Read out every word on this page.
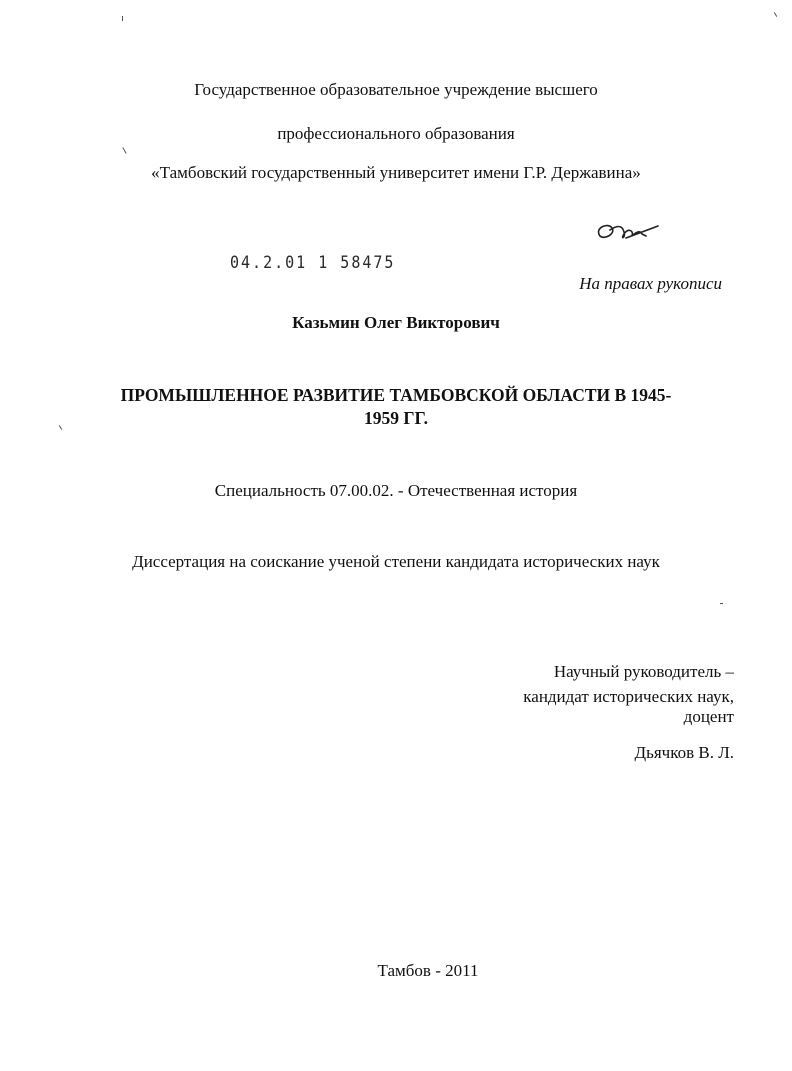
Государственное образовательное учреждение высшего
профессионального образования
«Тамбовский государственный университет имени Г.Р. Державина»
04.2.01 1 58475
На правах рукописи
Казьмин Олег Викторович
ПРОМЫШЛЕННОЕ РАЗВИТИЕ ТАМБОВСКОЙ ОБЛАСТИ В 1945-
1959 ГГ.
Специальность 07.00.02. - Отечественная история
Диссертация на соискание ученой степени кандидата исторических наук
Научный руководитель –
кандидат исторических наук,
доцент
Дьячков В. Л.
Тамбов - 2011
